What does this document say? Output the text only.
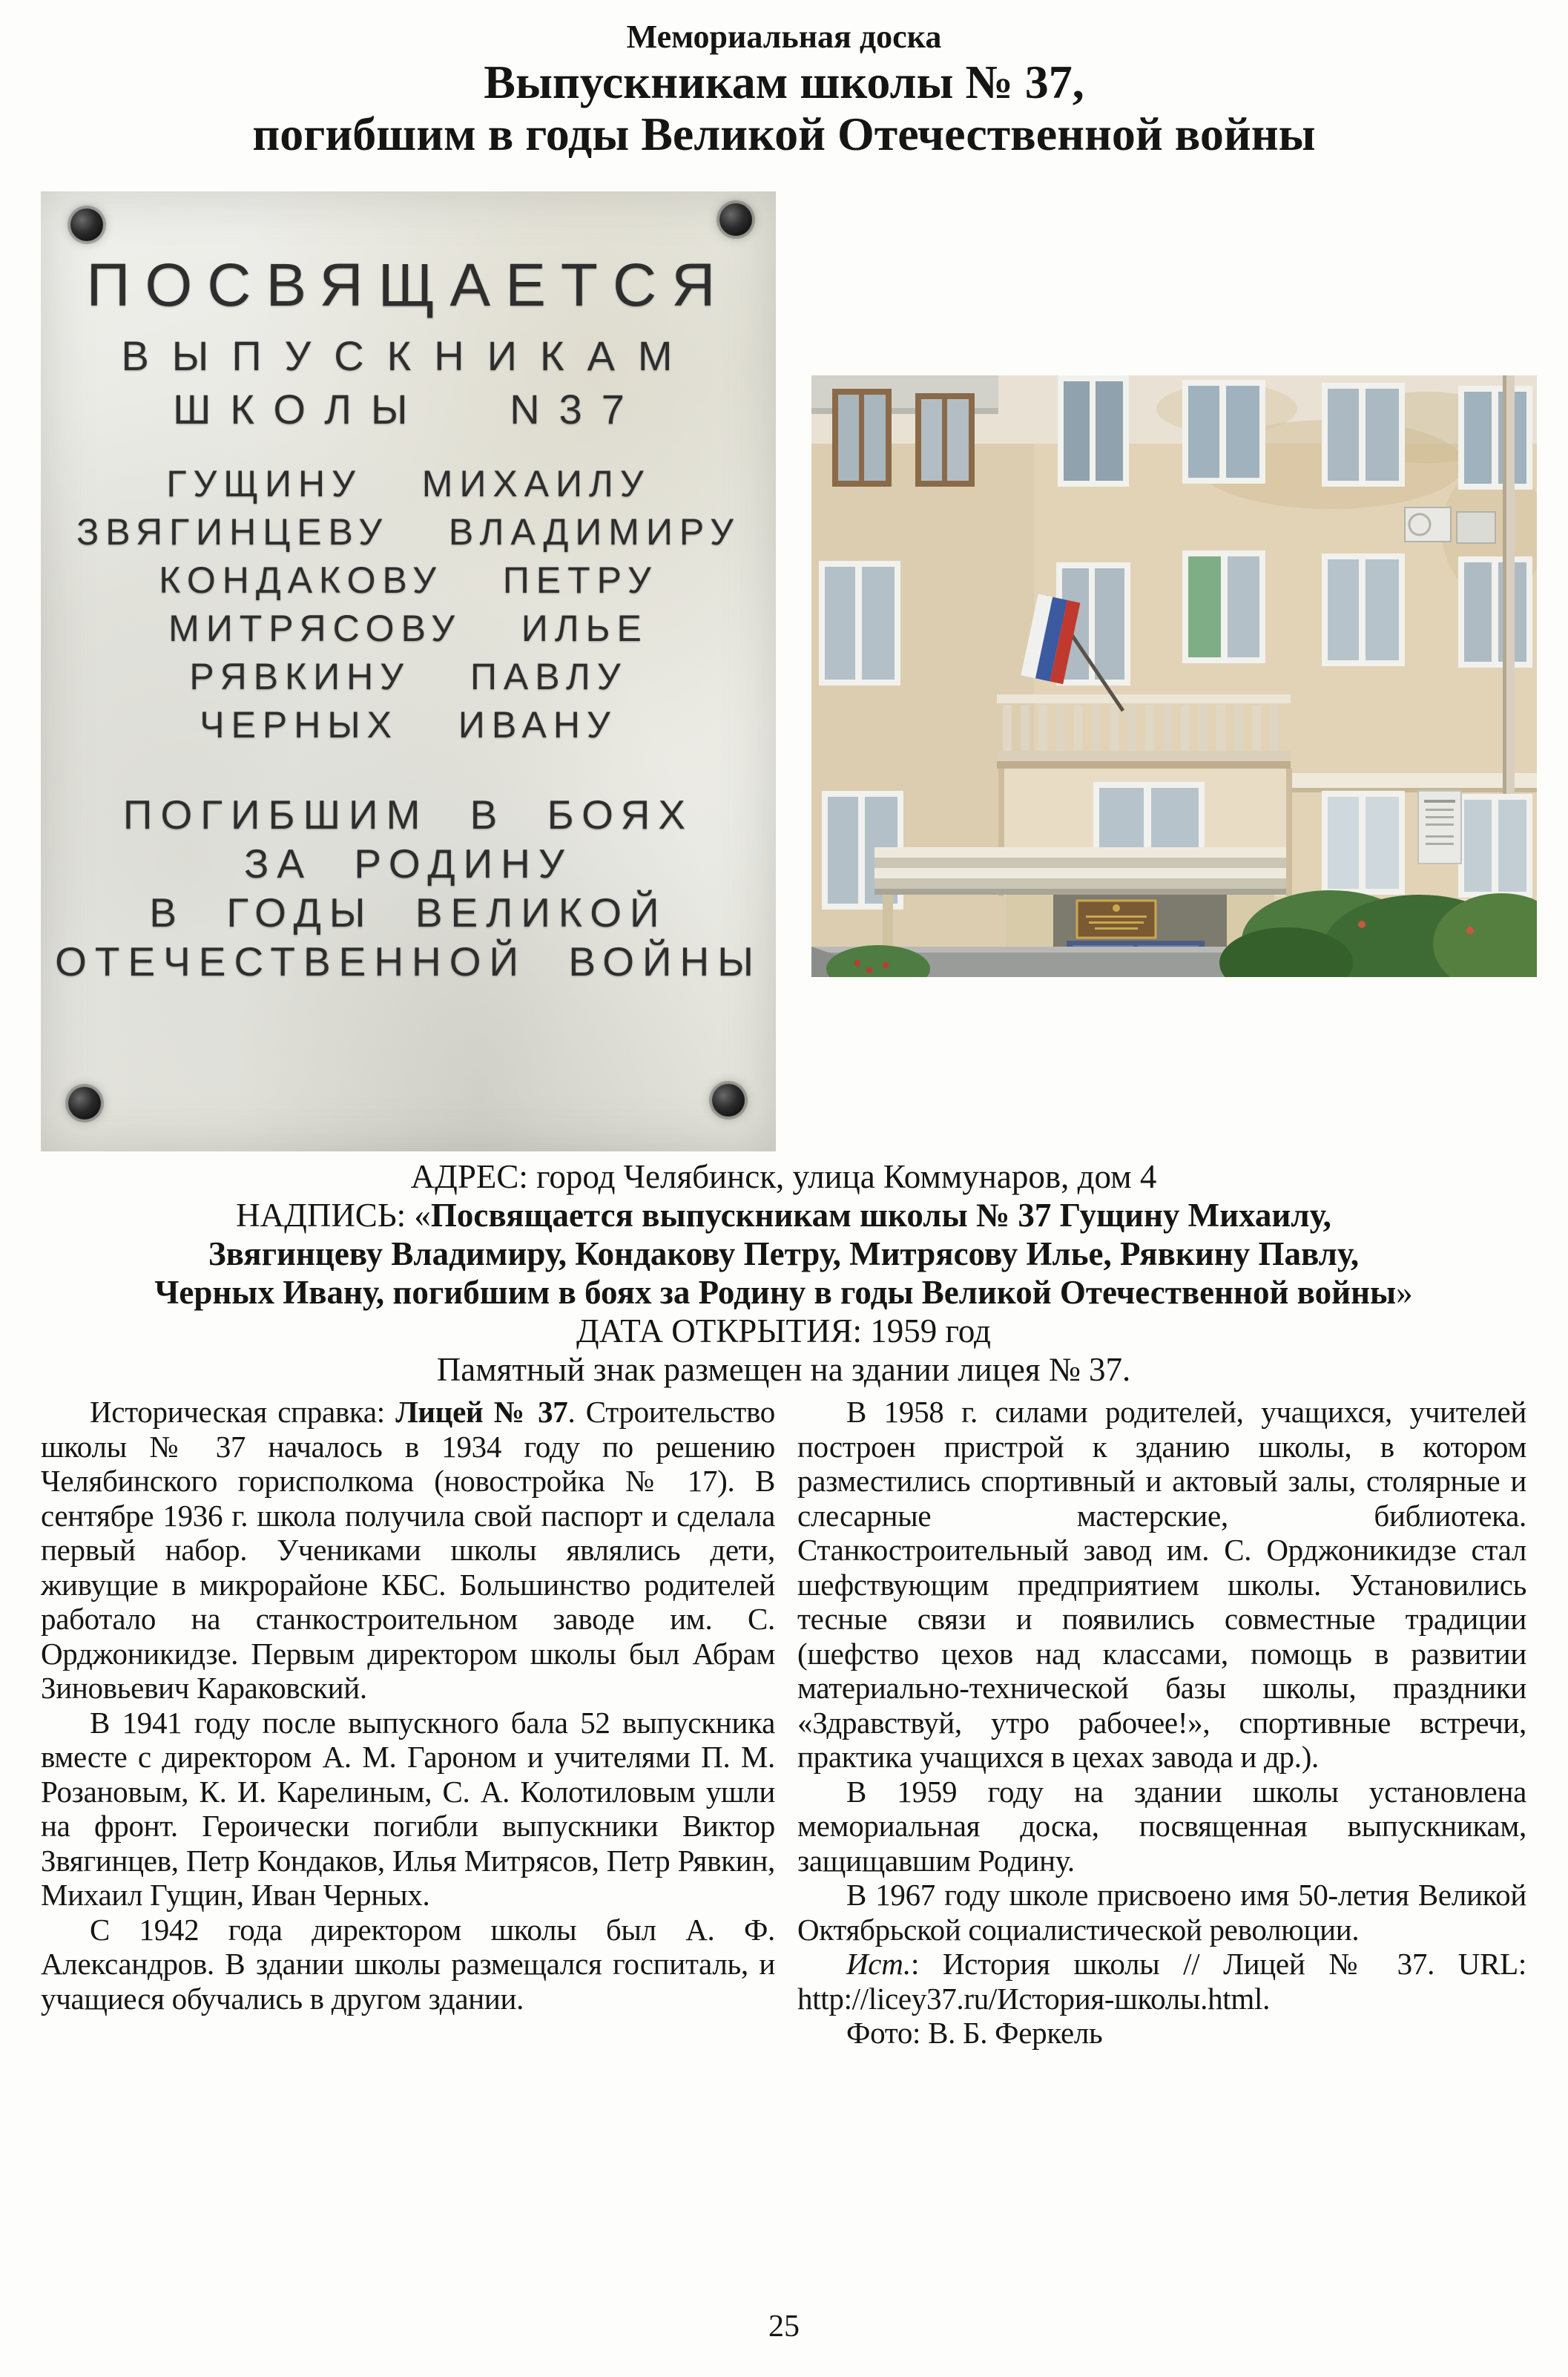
Мемориальная доска
Выпускникам школы № 37,
погибшим в годы Великой Отечественной войны
ПОСВЯЩАЕТСЯ
ВЫПУСКНИКАМ
ШКОЛЫ N37
ГУЩИНУ МИХАИЛУ
ЗВЯГИНЦЕВУ ВЛАДИМИРУ
КОНДАКОВУ ПЕТРУ
МИТРЯСОВУ ИЛЬЕ
РЯВКИНУ ПАВЛУ
ЧЕРНЫХ ИВАНУ
ПОГИБШИМ В БОЯХ
ЗА РОДИНУ
В ГОДЫ ВЕЛИКОЙ
ОТЕЧЕСТВЕННОЙ ВОЙНЫ
АДРЕС: город Челябинск, улица Коммунаров, дом 4
НАДПИСЬ: «Посвящается выпускникам школы № 37 Гущину Михаилу,
Звягинцеву Владимиру, Кондакову Петру, Митрясову Илье, Рявкину Павлу,
Черных Ивану, погибшим в боях за Родину в годы Великой Отечественной войны»
ДАТА ОТКРЫТИЯ: 1959 год
Памятный знак размещен на здании лицея № 37.

Историческая справка: Лицей № 37. Строительство школы № 37 началось в 1934 году по решению Челябинского горисполкома (новостройка № 17). В сентябре 1936 г. школа получила свой паспорт и сделала первый набор. Учениками школы являлись дети, живущие в микрорайоне КБС. Большинство родителей работало на станкостроительном заводе им. С. Орджоникидзе. Первым директором школы был Абрам Зиновьевич Караковский.

В 1941 году после выпускного бала 52 выпускника вместе с директором А. М. Гароном и учителями П. М. Розановым, К. И. Карелиным, С. А. Колотиловым ушли на фронт. Героически погибли выпускники Виктор Звягинцев, Петр Кондаков, Илья Митрясов, Петр Рявкин, Михаил Гущин, Иван Черных.

С 1942 года директором школы был А. Ф. Александров. В здании школы размещался госпиталь, и учащиеся обучались в другом здании.

В 1958 г. силами родителей, учащихся, учителей построен пристрой к зданию школы, в котором разместились спортивный и актовый залы, столярные и слесарные мастерские, библиотека. Станкостроительный завод им. С. Орджоникидзе стал шефствующим предприятием школы. Установились тесные связи и появились совместные традиции (шефство цехов над классами, помощь в развитии материально-технической базы школы, праздники «Здравствуй, утро рабочее!», спортивные встречи, практика учащихся в цехах завода и др.).

В 1959 году на здании школы установлена мемориальная доска, посвященная выпускникам, защищавшим Родину.

В 1967 году школе присвоено имя 50-летия Великой Октябрьской социалистической революции.

Ист.: История школы // Лицей № 37. URL: http://licey37.ru/История-школы.html.

Фото: В. Б. Феркель

25
